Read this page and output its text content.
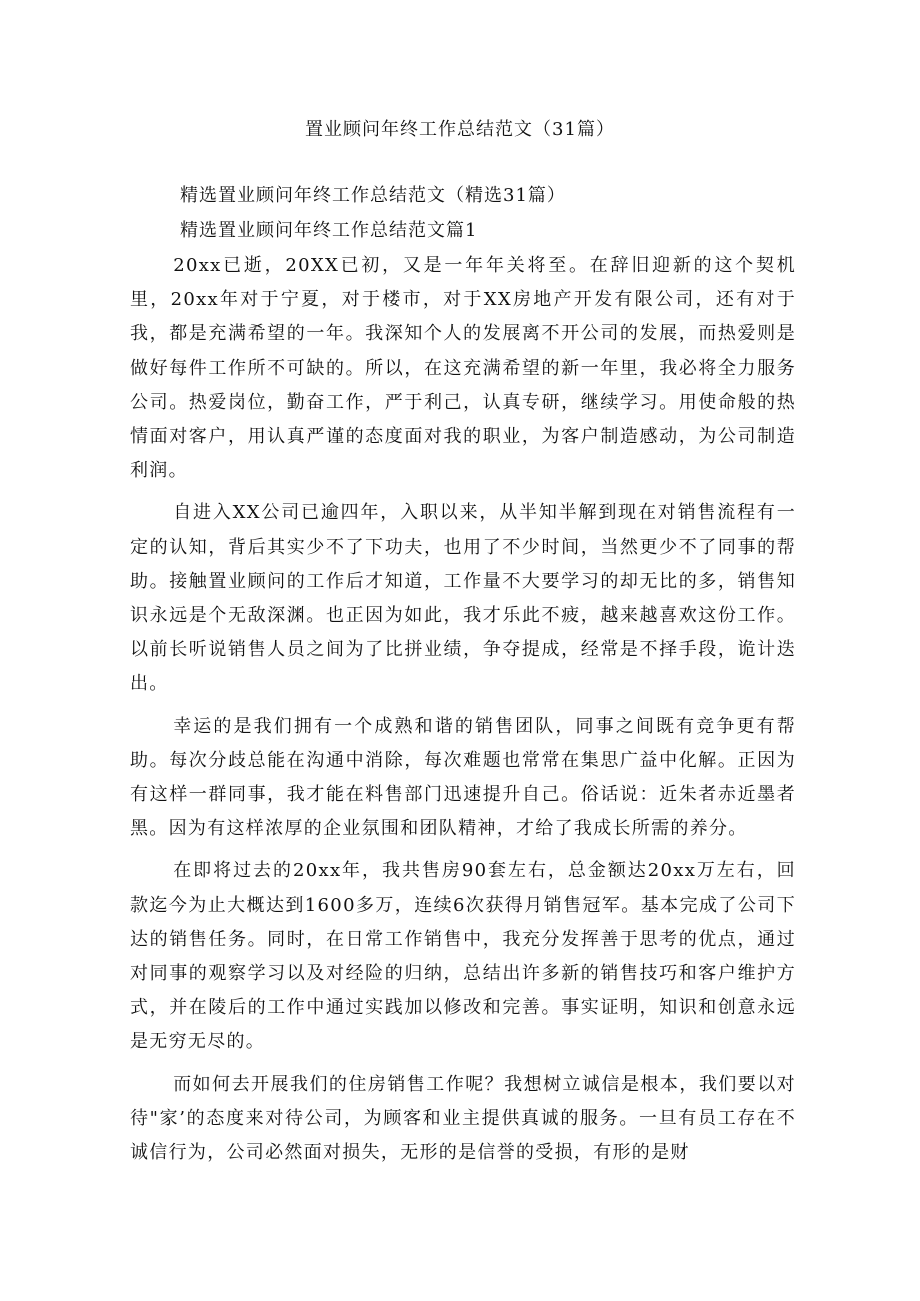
置业顾问年终工作总结范文（31篇）
精选置业顾问年终工作总结范文（精选31篇）
精选置业顾问年终工作总结范文篇1

20xx已逝，20XX已初，又是一年年关将至。在辞旧迎新的这个契机里，20xx年对于宁夏，对于楼市，对于XX房地产开发有限公司，还有对于我，都是充满希望的一年。我深知个人的发展离不开公司的发展，而热爱则是做好每件工作所不可缺的。所以，在这充满希望的新一年里，我必将全力服务公司。热爱岗位，勤奋工作，严于利己，认真专研，继续学习。用使命般的热情面对客户，用认真严谨的态度面对我的职业，为客户制造感动，为公司制造利润。

自进入XX公司已逾四年，入职以来，从半知半解到现在对销售流程有一定的认知，背后其实少不了下功夫，也用了不少时间，当然更少不了同事的帮助。接触置业顾问的工作后才知道，工作量不大要学习的却无比的多，销售知识永远是个无敌深渊。也正因为如此，我才乐此不疲，越来越喜欢这份工作。以前长听说销售人员之间为了比拼业绩，争夺提成，经常是不择手段，诡计迭出。

幸运的是我们拥有一个成熟和谐的销售团队，同事之间既有竞争更有帮助。每次分歧总能在沟通中消除，每次难题也常常在集思广益中化解。正因为有这样一群同事，我才能在料售部门迅速提升自己。俗话说：近朱者赤近墨者黑。因为有这样浓厚的企业氛围和团队精神，才给了我成长所需的养分。

在即将过去的20xx年，我共售房90套左右，总金额达20xx万左右，回款迄今为止大概达到1600多万，连续6次获得月销售冠军。基本完成了公司下达的销售任务。同时，在日常工作销售中，我充分发挥善于思考的优点，通过对同事的观察学习以及对经险的归纳，总结出许多新的销售技巧和客户维护方式，并在陵后的工作中通过实践加以修改和完善。事实证明，知识和创意永远是无穷无尽的。

而如何去开展我们的住房销售工作呢？我想树立诚信是根本，我们要以对待"家’的态度来对待公司，为顾客和业主提供真诚的服务。一旦有员工存在不诚信行为，公司必然面对损失，无形的是信誉的受损，有形的是财
